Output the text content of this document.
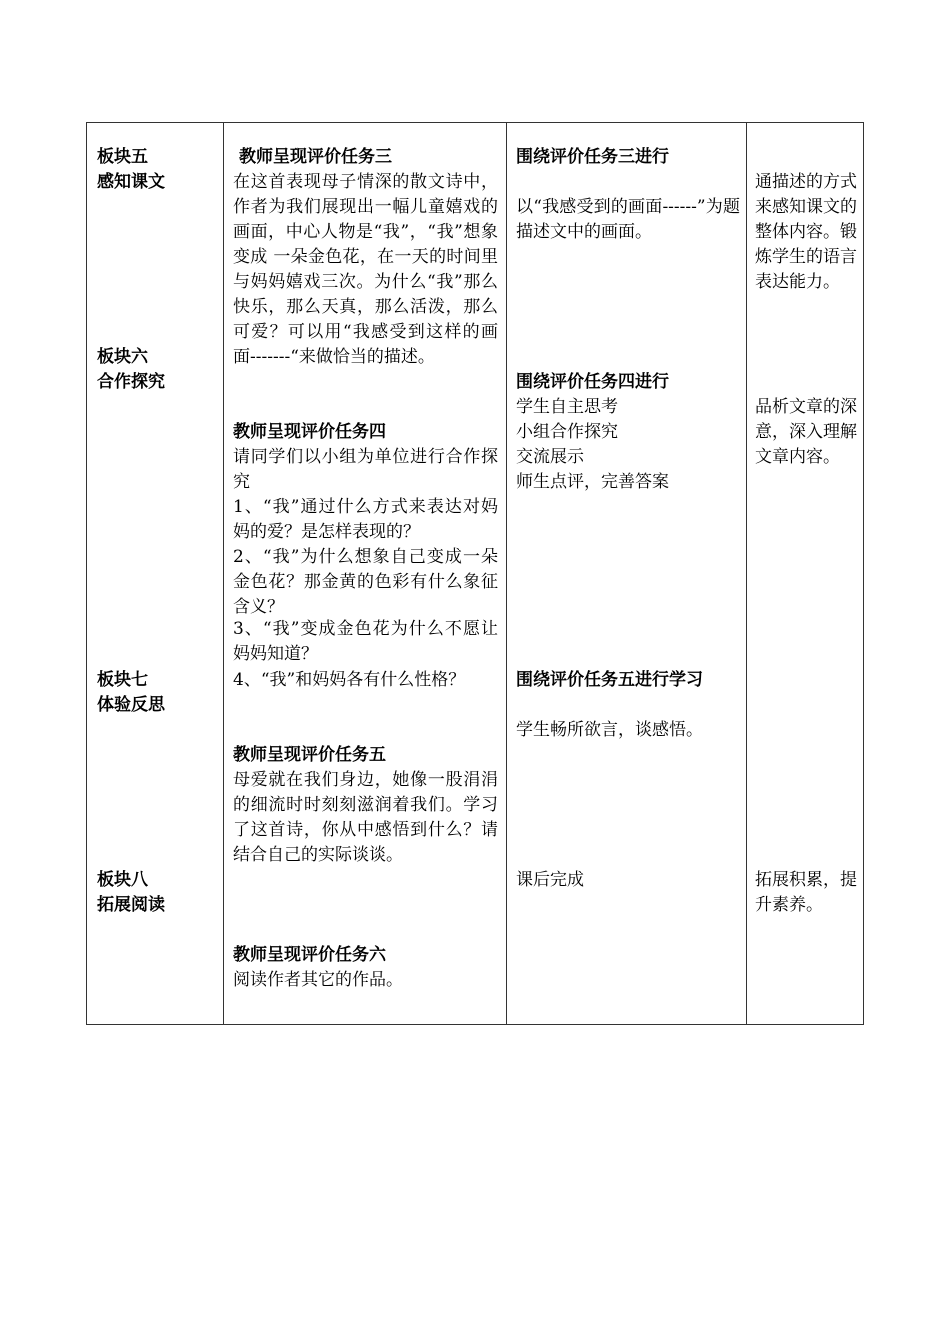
板块五
感知课文
板块六
合作探究
板块七
体验反思
板块八
拓展阅读
教师呈现评价任务三
在这首表现母子情深的散文诗中，作者为我们展现出一幅儿童嬉戏的画面，中心人物是“我”，“我”想象变成 一朵金色花，在一天的时间里与妈妈嬉戏三次。为什么“我”那么快乐，那么天真，那么活泼，那么可爱？可以用“我感受到这样的画面-------“来做恰当的描述。
教师呈现评价任务四
请同学们以小组为单位进行合作探究
1、“我”通过什么方式来表达对妈妈的爱？是怎样表现的？
2、“我”为什么想象自己变成一朵金色花？那金黄的色彩有什么象征含义？
3、“我”变成金色花为什么不愿让妈妈知道？
4、“我”和妈妈各有什么性格？
教师呈现评价任务五
母爱就在我们身边，她像一股涓涓的细流时时刻刻滋润着我们。学习了这首诗，你从中感悟到什么？请结合自己的实际谈谈。
教师呈现评价任务六
阅读作者其它的作品。
围绕评价任务三进行
以“我感受到的画面------”为题描述文中的画面。
围绕评价任务四进行
学生自主思考
小组合作探究
交流展示
师生点评，完善答案
围绕评价任务五进行学习
学生畅所欲言，谈感悟。
课后完成
通描述的方式来感知课文的整体内容。锻炼学生的语言表达能力。
品析文章的深意，深入理解文章内容。
拓展积累，提升素养。
